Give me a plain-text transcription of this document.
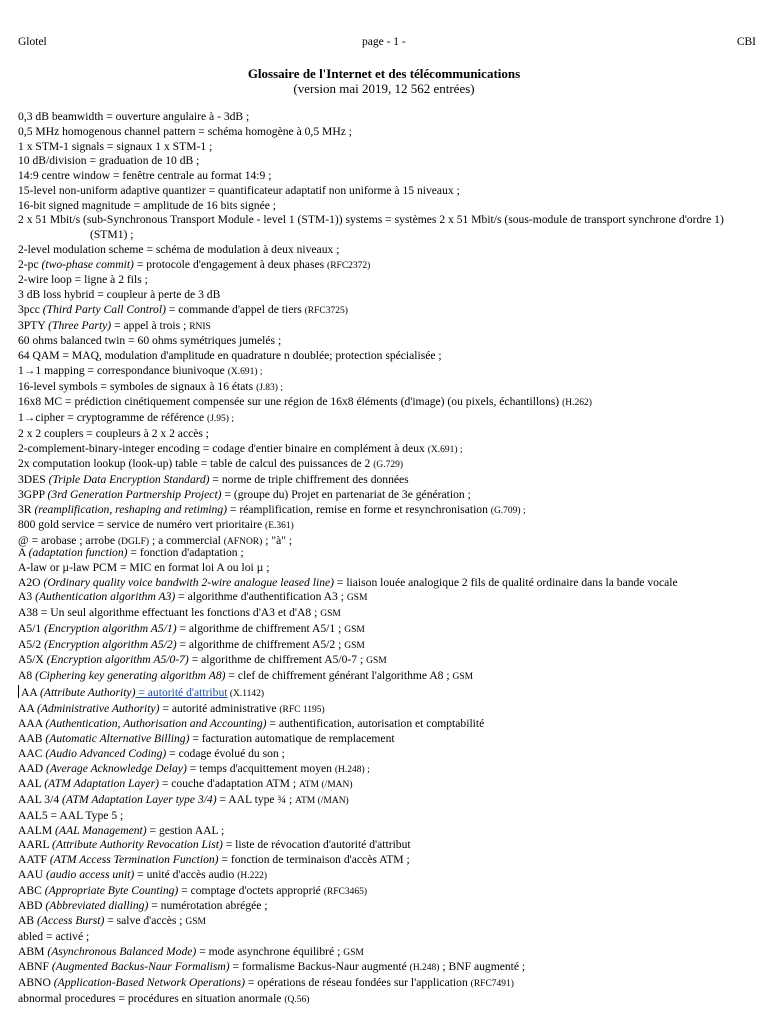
Glotel	page - 1 -	CBI
Glossaire de l'Internet et des télécommunications
(version mai 2019, 12 562 entrées)
0,3 dB beamwidth = ouverture angulaire à - 3dB ;
0,5 MHz homogenous channel pattern = schéma homogène à 0,5 MHz ;
1 x STM-1 signals = signaux 1 x STM-1 ;
10 dB/division = graduation de 10 dB ;
14:9 centre window = fenêtre centrale au format 14:9 ;
15-level non-uniform adaptive quantizer = quantificateur adaptatif non uniforme à 15 niveaux ;
16-bit signed magnitude = amplitude de 16 bits signée ;
2 x 51 Mbit/s (sub-Synchronous Transport Module - level 1 (STM-1)) systems = systèmes 2 x 51 Mbit/s (sous-module de transport synchrone d'ordre 1) (STM1) ;
2-level modulation scheme = schéma de modulation à deux niveaux ;
2-pc (two-phase commit) = protocole d'engagement à deux phases (RFC2372)
2-wire loop = ligne à 2 fils ;
3 dB loss hybrid = coupleur à perte de 3 dB
3pcc (Third Party Call Control) = commande d'appel de tiers (RFC3725)
3PTY (Three Party) = appel à trois ; RNIS
60 ohms balanced twin = 60 ohms symétriques jumelés ;
64 QAM = MAQ, modulation d'amplitude en quadrature n doublée; protection spécialisée ;
1→1 mapping = correspondance biunivoque (X.691) ;
16-level symbols = symboles de signaux à 16 états (J.83) ;
16x8 MC = prédiction cinétiquement compensée sur une région de 16x8 éléments (d'image) (ou pixels, échantillons) (H.262)
1→cipher = cryptogramme de référence (J.95) ;
2 x 2 couplers = coupleurs à 2 x 2 accès ;
2-complement-binary-integer encoding = codage d'entier binaire en complément à deux (X.691) ;
2x computation lookup (look-up) table = table de calcul des puissances de 2 (G.729)
3DES (Triple Data Encryption Standard) = norme de triple chiffrement des données
3GPP (3rd Generation Partnership Project) = (groupe du) Projet en partenariat de 3e génération ;
3R (reamplification, reshaping and retiming) = réamplification, remise en forme et resynchronisation (G.709) ;
800 gold service = service de numéro vert prioritaire (E.361)
@ = arobase ; arrobe (DGLF) ; a commercial (AFNOR) ; "à" ;
A (adaptation function) = fonction d'adaptation ;
A-law or µ-law PCM = MIC en format loi A ou loi µ ;
A2O (Ordinary quality voice bandwith 2-wire analogue leased line) = liaison louée analogique 2 fils de qualité ordinaire dans la bande vocale
A3 (Authentication algorithm A3) = algorithme d'authentification A3 ; GSM
A38 = Un seul algorithme effectuant les fonctions d'A3 et d'A8 ; GSM
A5/1 (Encryption algorithm A5/1) = algorithme de chiffrement A5/1 ; GSM
A5/2 (Encryption algorithm A5/2) = algorithme de chiffrement A5/2 ; GSM
A5/X (Encryption algorithm A5/0-7) = algorithme de chiffrement A5/0-7 ; GSM
A8 (Ciphering key generating algorithm A8) = clef de chiffrement générant l'algorithme A8 ; GSM
AA (Attribute Authority) = autorité d'attribut (X.1142)
AA (Administrative Authority) = autorité administrative (RFC 1195)
AAA (Authentication, Authorisation and Accounting) = authentification, autorisation et comptabilité
AAB (Automatic Alternative Billing) = facturation automatique de remplacement
AAC (Audio Advanced Coding) = codage évolué du son ;
AAD (Average Acknowledge Delay) = temps d'acquittement moyen (H.248) ;
AAL (ATM Adaptation Layer) = couche d'adaptation ATM ; ATM (/MAN)
AAL 3/4 (ATM Adaptation Layer type 3/4) = AAL type ¾ ; ATM (/MAN)
AAL5 = AAL Type 5 ;
AALM (AAL Management) = gestion AAL ;
AARL (Attribute Authority Revocation List) = liste de révocation d'autorité d'attribut
AATF (ATM Access Termination Function) = fonction de terminaison d'accès ATM ;
AAU (audio access unit) = unité d'accès audio (H.222)
ABC (Appropriate Byte Counting) = comptage d'octets approprié (RFC3465)
ABD (Abbreviated dialling) = numérotation abrégée ;
AB (Access Burst) = salve d'accès ; GSM
abled = activé ;
ABM (Asynchronous Balanced Mode) = mode asynchrone équilibré ; GSM
ABNF (Augmented Backus-Naur Formalism) = formalisme Backus-Naur augmenté (H.248) ; BNF augmenté ;
ABNO (Application-Based Network Operations) = opérations de réseau fondées sur l'application (RFC7491)
abnormal procedures = procédures en situation anormale (Q.56)
